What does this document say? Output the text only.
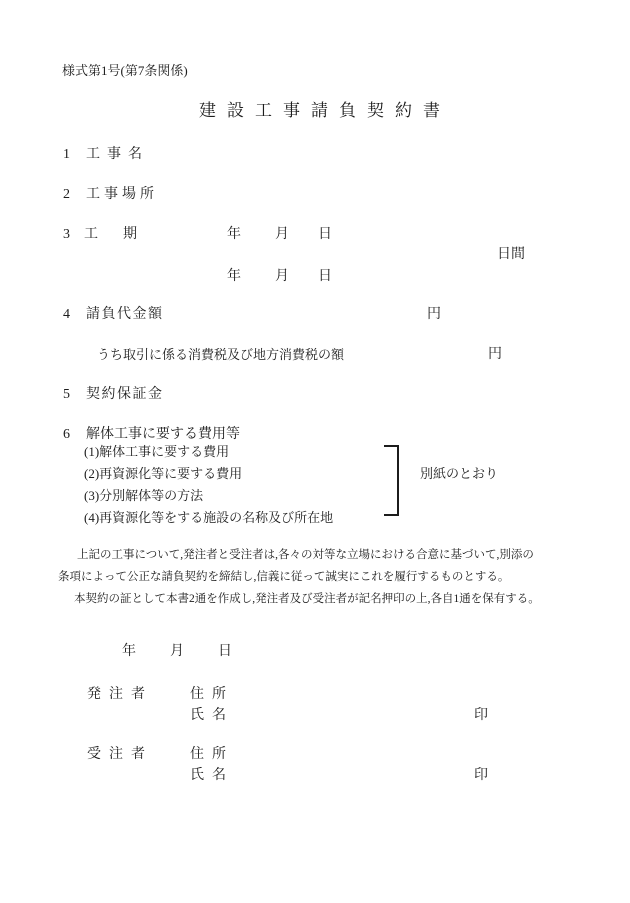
様式第1号(第7条関係)
建設工事請負契約書
1 工事名
2 工事場所
3 工期	年 月 日
日間
年 月 日
4 請負代金額	円
うち取引に係る消費税及び地方消費税の額	円
5 契約保証金
6 解体工事に要する費用等
(1)解体工事に要する費用
(2)再資源化等に要する費用
(3)分別解体等の方法
(4)再資源化等をする施設の名称及び所在地
別紙のとおり
上記の工事について,発注者と受注者は,各々の対等な立場における合意に基づいて,別添の
条項によって公正な請負契約を締結し,信義に従って誠実にこれを履行するものとする。
本契約の証として本書2通を作成し,発注者及び受注者が記名押印の上,各自1通を保有する。
年 月 日
発注者	住所
氏名	印
受注者	住所
氏名	印
